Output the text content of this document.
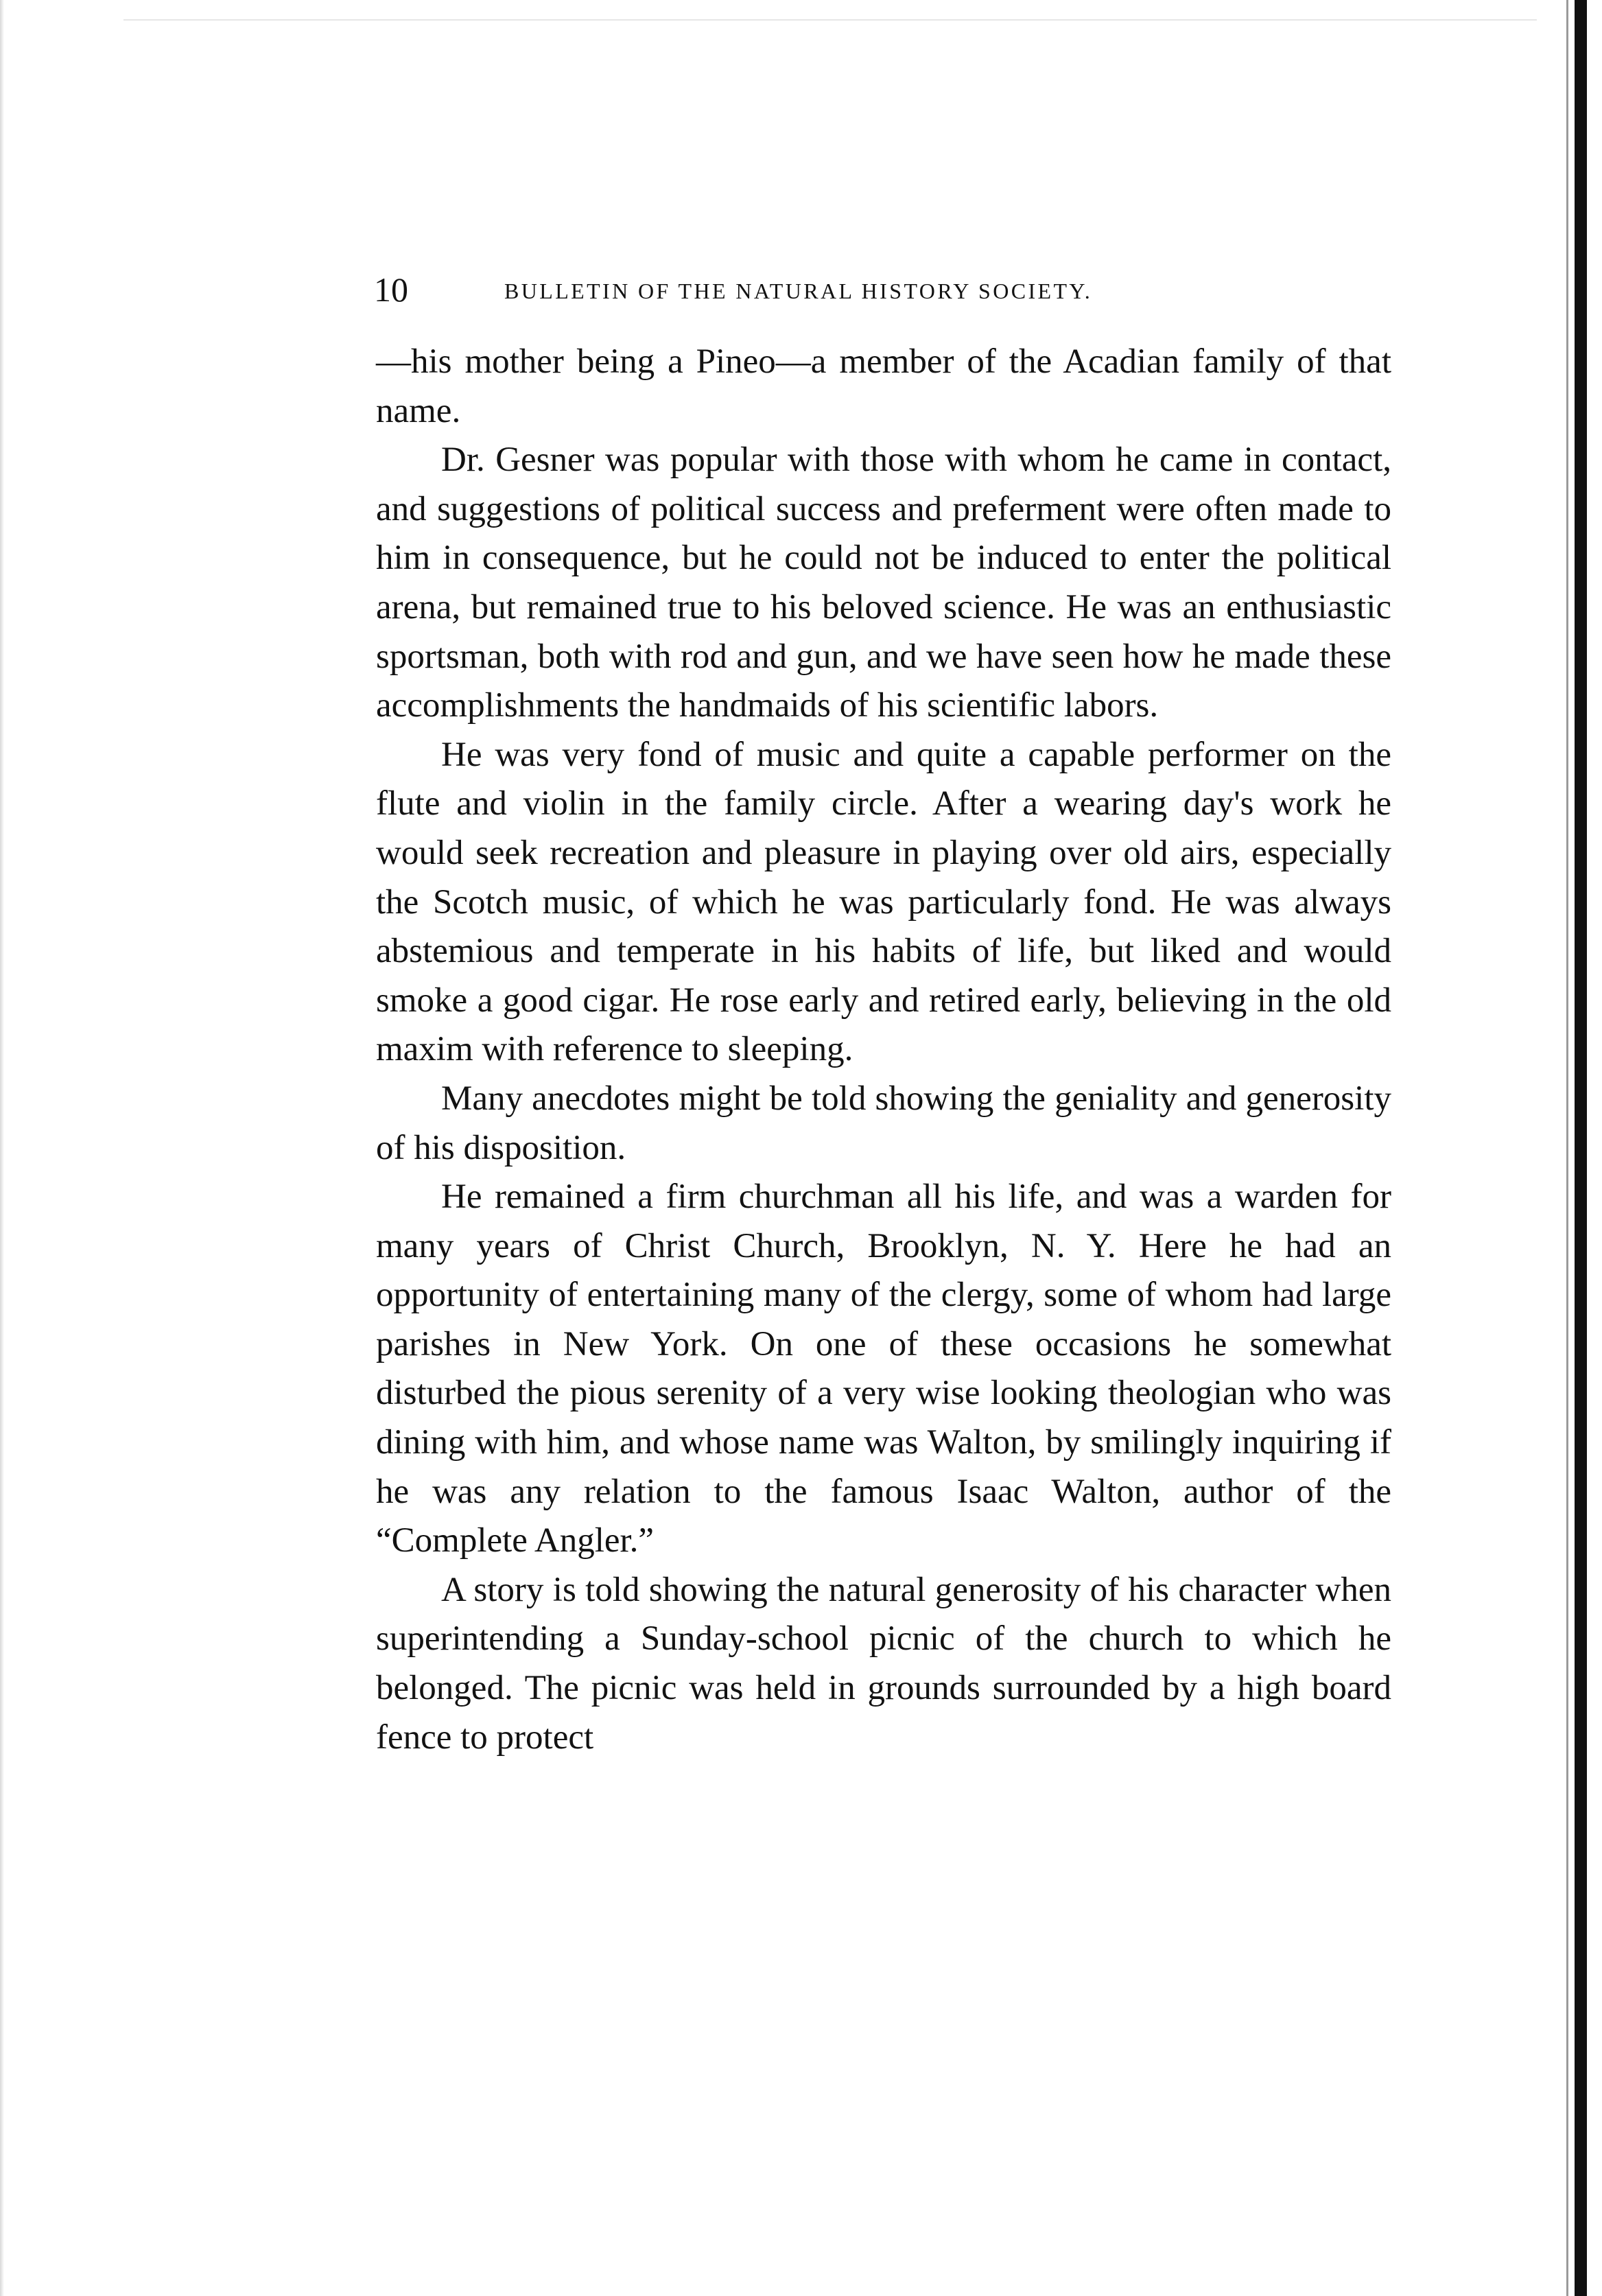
10	BULLETIN OF THE NATURAL HISTORY SOCIETY.

—his mother being a Pineo—a member of the Acadian family of that name.

Dr. Gesner was popular with those with whom he came in contact, and suggestions of political success and preferment were often made to him in consequence, but he could not be induced to enter the political arena, but remained true to his beloved science. He was an enthusiastic sportsman, both with rod and gun, and we have seen how he made these accomplishments the handmaids of his scientific labors.

He was very fond of music and quite a capable performer on the flute and violin in the family circle. After a wearing day's work he would seek recreation and pleasure in playing over old airs, especially the Scotch music, of which he was particularly fond. He was always abstemious and temperate in his habits of life, but liked and would smoke a good cigar. He rose early and retired early, believing in the old maxim with reference to sleeping.

Many anecdotes might be told showing the geniality and generosity of his disposition.

He remained a firm churchman all his life, and was a warden for many years of Christ Church, Brooklyn, N. Y. Here he had an opportunity of entertaining many of the clergy, some of whom had large parishes in New York. On one of these occasions he somewhat disturbed the pious serenity of a very wise looking theologian who was dining with him, and whose name was Walton, by smilingly inquiring if he was any relation to the famous Isaac Walton, author of the “Complete Angler.”

A story is told showing the natural generosity of his character when superintending a Sunday-school picnic of the church to which he belonged. The picnic was held in grounds surrounded by a high board fence to protect
